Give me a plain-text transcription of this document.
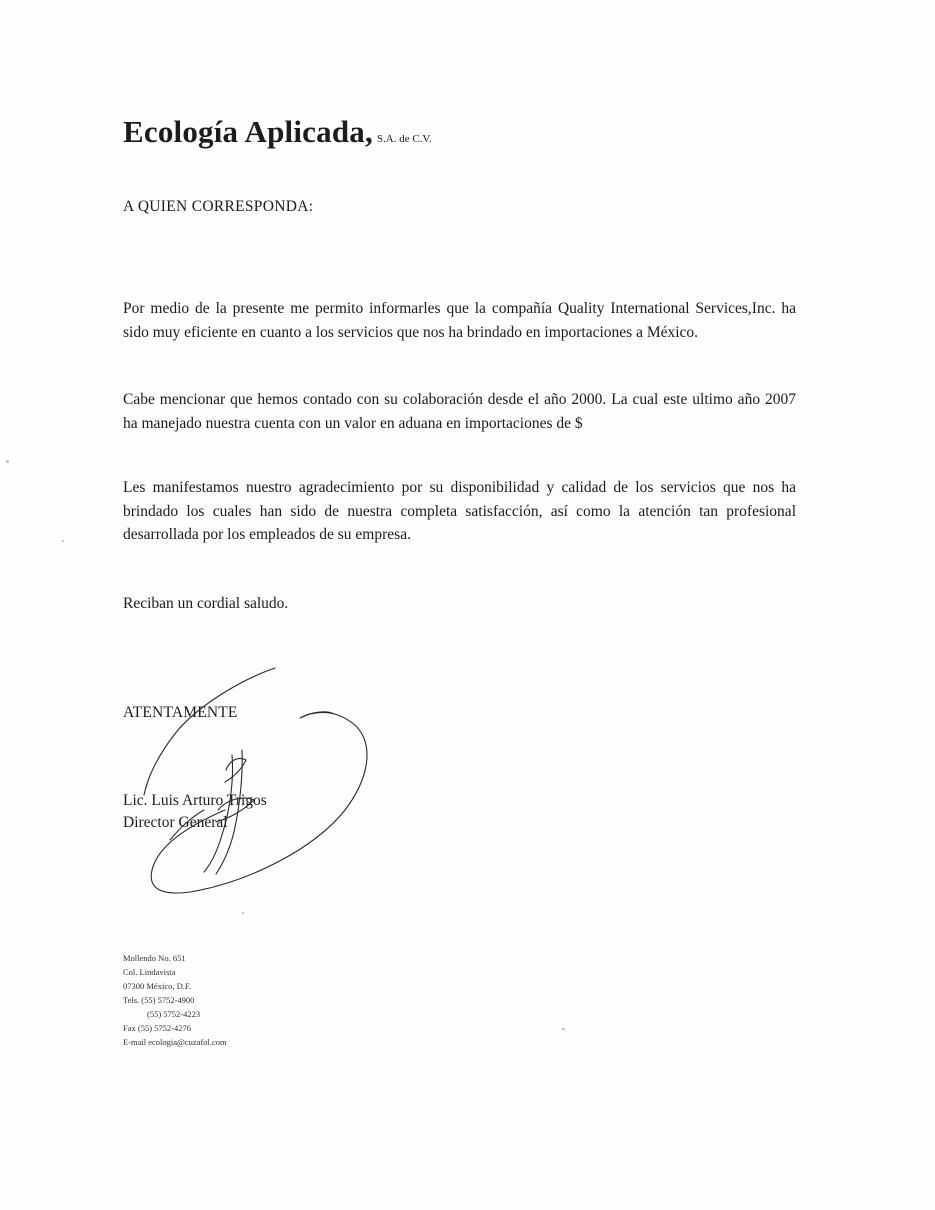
Ecología Aplicada, S.A. de C.V.
A QUIEN CORRESPONDA:
Por medio de la presente me permito informarles que la compañía Quality International Services,Inc. ha sido muy eficiente en cuanto a los servicios que nos ha brindado en importaciones a México.
Cabe mencionar que hemos contado con su colaboración desde el año 2000. La cual este ultimo año 2007 ha manejado nuestra cuenta con un valor en aduana en importaciones de $
Les manifestamos nuestro agradecimiento por su disponibilidad y calidad de los servicios que nos ha brindado los cuales han sido de nuestra completa satisfacción, así como la atención tan profesional desarrollada por los empleados de su empresa.
Reciban un cordial saludo.
ATENTAMENTE
Lic. Luis Arturo Trigos
Director General
Mollendo No. 651
Col. Lindavista
07300 México, D.F.
Tels. (55) 5752-4900
(55) 5752-4223
Fax (55) 5752-4276
E-mail ecologia@cuzafol.com
